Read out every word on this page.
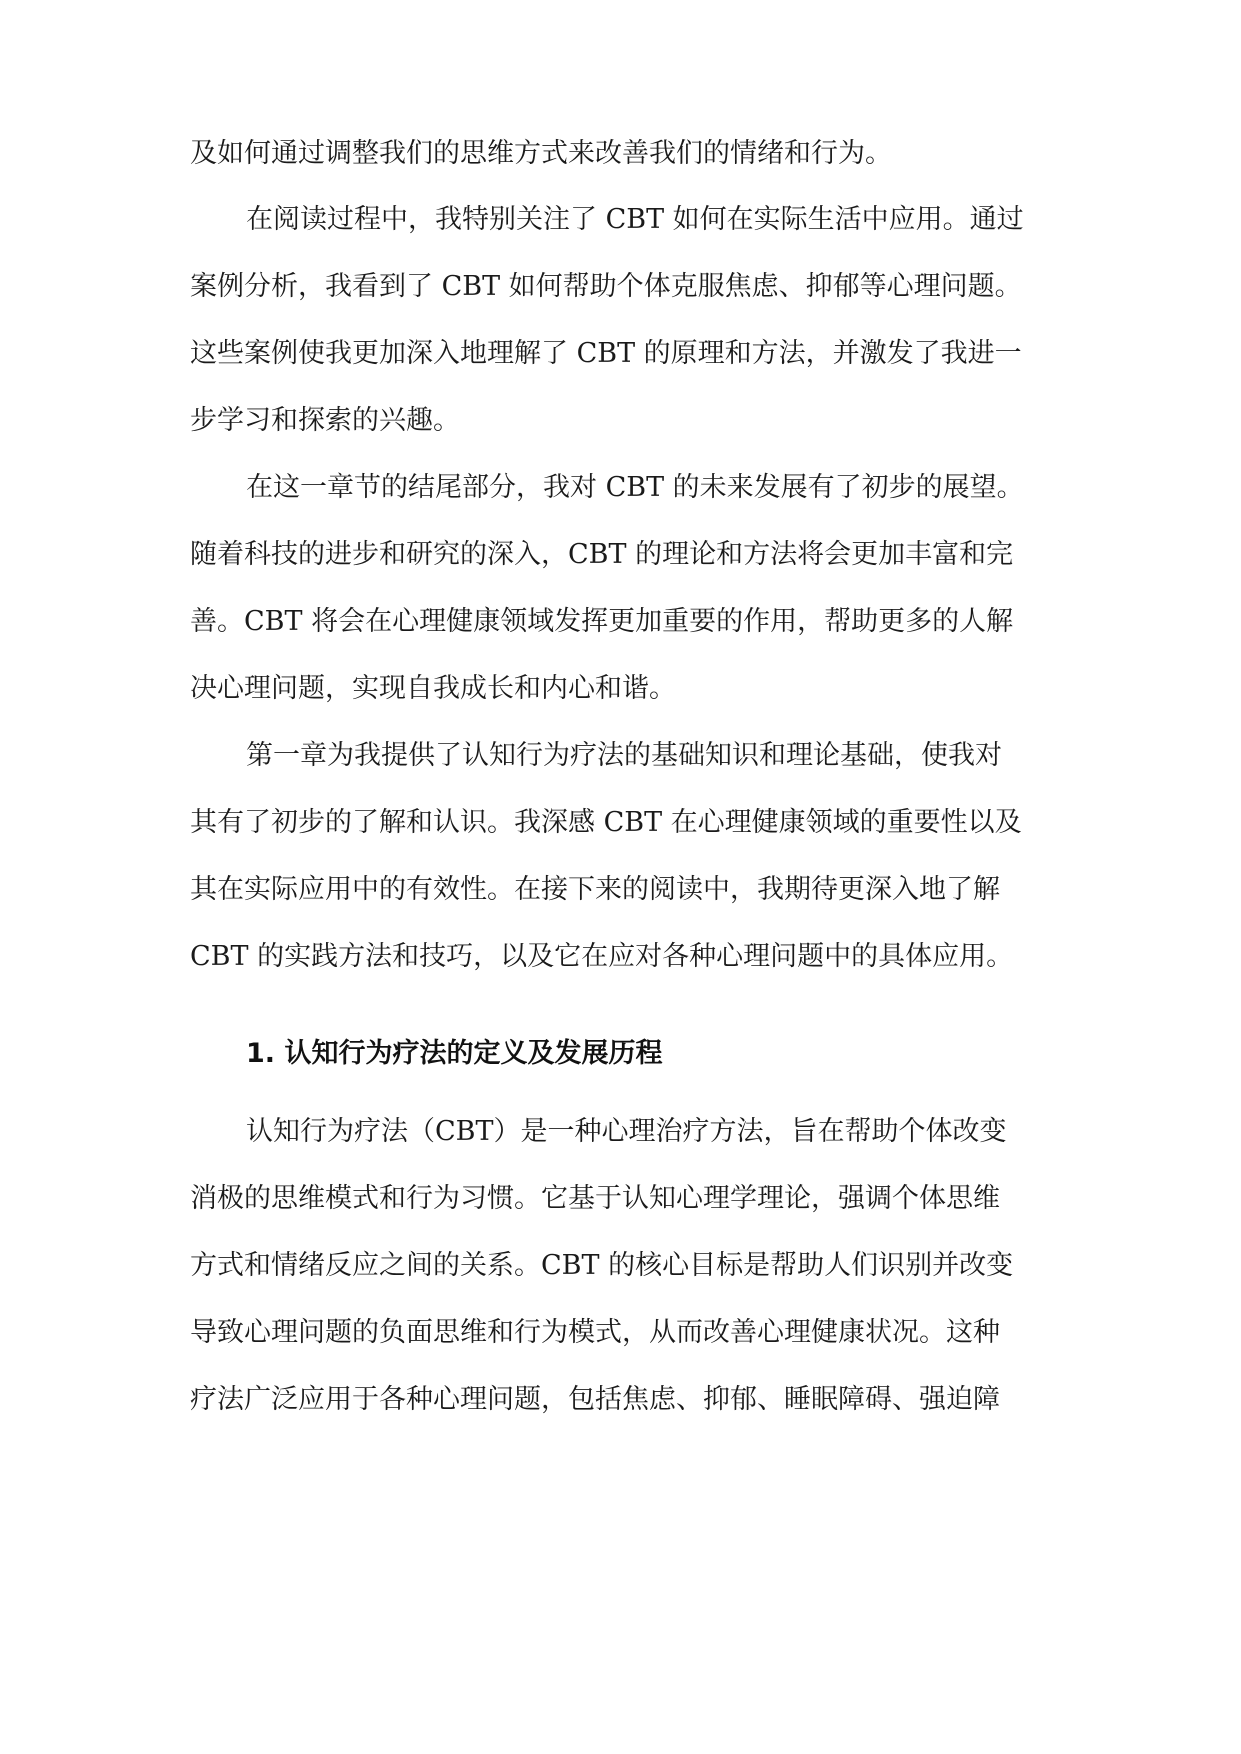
及如何通过调整我们的思维方式来改善我们的情绪和行为。
在阅读过程中，我特别关注了 CBT 如何在实际生活中应用。通过
案例分析，我看到了 CBT 如何帮助个体克服焦虑、抑郁等心理问题。
这些案例使我更加深入地理解了 CBT 的原理和方法，并激发了我进一
步学习和探索的兴趣。
在这一章节的结尾部分，我对 CBT 的未来发展有了初步的展望。
随着科技的进步和研究的深入，CBT 的理论和方法将会更加丰富和完
善。CBT 将会在心理健康领域发挥更加重要的作用，帮助更多的人解
决心理问题，实现自我成长和内心和谐。
第一章为我提供了认知行为疗法的基础知识和理论基础，使我对
其有了初步的了解和认识。我深感 CBT 在心理健康领域的重要性以及
其在实际应用中的有效性。在接下来的阅读中，我期待更深入地了解
CBT 的实践方法和技巧，以及它在应对各种心理问题中的具体应用。
1. 认知行为疗法的定义及发展历程
认知行为疗法（CBT）是一种心理治疗方法，旨在帮助个体改变
消极的思维模式和行为习惯。它基于认知心理学理论，强调个体思维
方式和情绪反应之间的关系。CBT 的核心目标是帮助人们识别并改变
导致心理问题的负面思维和行为模式，从而改善心理健康状况。这种
疗法广泛应用于各种心理问题，包括焦虑、抑郁、睡眠障碍、强迫障
